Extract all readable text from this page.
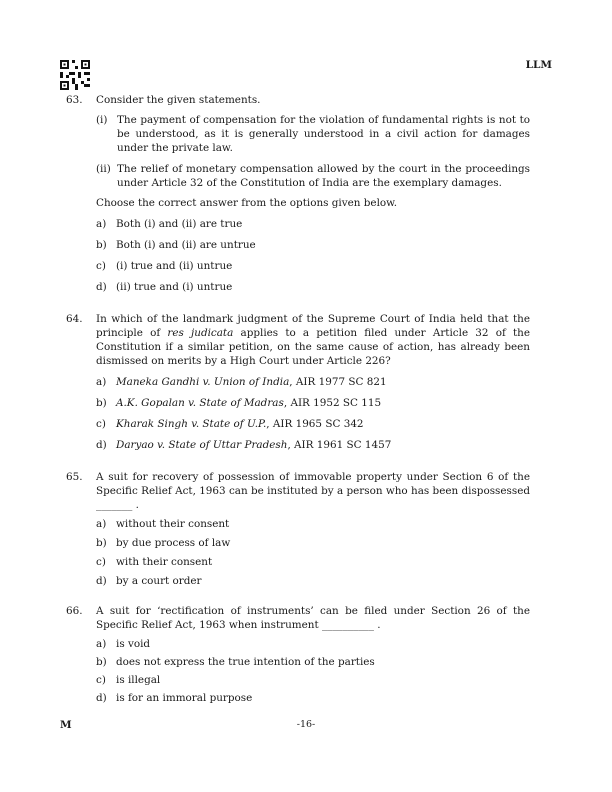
LLM
63.	Consider the given statements.
(i) The payment of compensation for the violation of fundamental rights is not to be understood, as it is generally understood in a civil action for damages under the private law.
(ii) The relief of monetary compensation allowed by the court in the proceedings under Article 32 of the Constitution of India are the exemplary damages.
Choose the correct answer from the options given below.
a) Both (i) and (ii) are true
b) Both (i) and (ii) are untrue
c) (i) true and (ii) untrue
d) (ii) true and (i) untrue
64.	In which of the landmark judgment of the Supreme Court of India held that the principle of res judicata applies to a petition filed under Article 32 of the Constitution if a similar petition, on the same cause of action, has already been dismissed on merits by a High Court under Article 226?
a) Maneka Gandhi v. Union of India, AIR 1977 SC 821
b) A.K. Gopalan v. State of Madras, AIR 1952 SC 115
c) Kharak Singh v. State of U.P., AIR 1965 SC 342
d) Daryao v. State of Uttar Pradesh, AIR 1961 SC 1457
65.	A suit for recovery of possession of immovable property under Section 6 of the Specific Relief Act, 1963 can be instituted by a person who has been dispossessed _______ .
a) without their consent
b) by due process of law
c) with their consent
d) by a court order
66.	A suit for ‘rectification of instruments’ can be filed under Section 26 of the Specific Relief Act, 1963 when instrument __________ .
a) is void
b) does not express the true intention of the parties
c) is illegal
d) is for an immoral purpose
M	-16-
